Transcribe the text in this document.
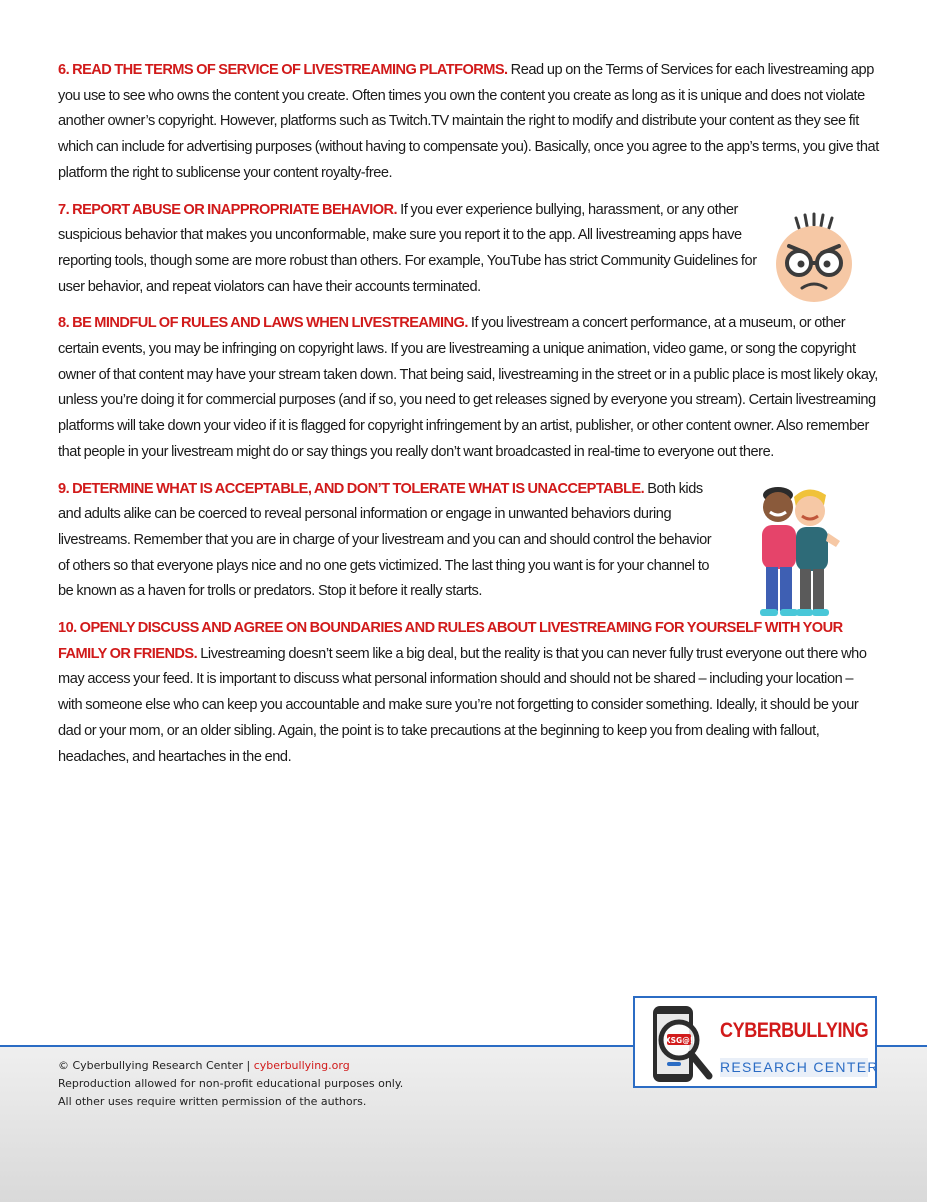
6. READ THE TERMS OF SERVICE OF LIVESTREAMING PLATFORMS. Read up on the Terms of Services for each livestreaming app you use to see who owns the content you create. Often times you own the content you create as long as it is unique and does not violate another owner’s copyright. However, platforms such as Twitch.TV maintain the right to modify and distribute your content as they see fit which can include for advertising purposes (without having to compensate you). Basically, once you agree to the app’s terms, you give that platform the right to sublicense your content royalty-free.

7. REPORT ABUSE OR INAPPROPRIATE BEHAVIOR. If you ever experience bullying, harassment, or any other suspicious behavior that makes you unconformable, make sure you report it to the app. All livestreaming apps have reporting tools, though some are more robust than others. For example, YouTube has strict Community Guidelines for user behavior, and repeat violators can have their accounts terminated.

8. BE MINDFUL OF RULES AND LAWS WHEN LIVESTREAMING. If you livestream a concert performance, at a museum, or other certain events, you may be infringing on copyright laws. If you are livestreaming a unique animation, video game, or song the copyright owner of that content may have your stream taken down. That being said, livestreaming in the street or in a public place is most likely okay, unless you’re doing it for commercial purposes (and if so, you need to get releases signed by everyone you stream). Certain livestreaming platforms will take down your video if it is flagged for copyright infringement by an artist, publisher, or other content owner. Also remember that people in your livestream might do or say things you really don’t want broadcasted in real-time to everyone out there.

9. DETERMINE WHAT IS ACCEPTABLE, AND DON’T TOLERATE WHAT IS UNACCEPTABLE. Both kids and adults alike can be coerced to reveal personal information or engage in unwanted behaviors during livestreams. Remember that you are in charge of your livestream and you can and should control the behavior of others so that everyone plays nice and no one gets victimized. The last thing you want is for your channel to be known as a haven for trolls or predators. Stop it before it really starts.

10. OPENLY DISCUSS AND AGREE ON BOUNDARIES AND RULES ABOUT LIVESTREAMING FOR YOURSELF WITH YOUR FAMILY OR FRIENDS. Livestreaming doesn’t seem like a big deal, but the reality is that you can never fully trust everyone out there who may access your feed. It is important to discuss what personal information should and should not be shared – including your location – with someone else who can keep you accountable and make sure you’re not forgetting to consider something. Ideally, it should be your dad or your mom, or an older sibling. Again, the point is to take precautions at the beginning to keep you from dealing with fallout, headaches, and heartaches in the end.

© Cyberbullying Research Center | cyberbullying.org
Reproduction allowed for non-profit educational purposes only.
All other uses require written permission of the authors.
XSG@! CYBERBULLYING
RESEARCH CENTER
